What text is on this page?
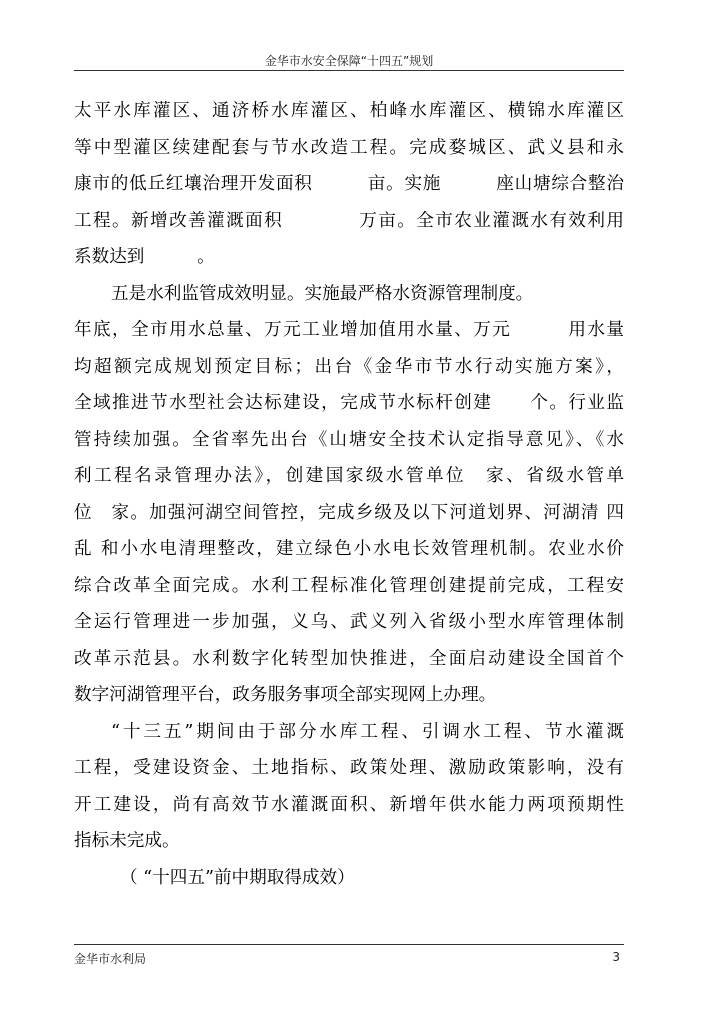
金华市水安全保障“十四五”规划
太平水库灌区、通济桥水库灌区、柏峰水库灌区、横锦水库灌区
等中型灌区续建配套与节水改造工程。完成婺城区、武义县和永
康市的低丘红壤治理开发面积　　　亩。实施　　　座山塘综合整治
工程。新增改善灌溉面积　　　　万亩。全市农业灌溉水有效利用
系数达到　　　。
五是水利监管成效明显。实施最严格水资源管理制度。
年底，全市用水总量、万元工业增加值用水量、万元　　　用水量
均超额完成规划预定目标；出台《金华市节水行动实施方案》，
全域推进节水型社会达标建设，完成节水标杆创建　　个。行业监
管持续加强。全省率先出台《山塘安全技术认定指导意见》、《水
利工程名录管理办法》，创建国家级水管单位　家、省级水管单
位　家。加强河湖空间管控，完成乡级及以下河道划界、河湖清 四
乱 和小水电清理整改，建立绿色小水电长效管理机制。农业水价
综合改革全面完成。水利工程标准化管理创建提前完成，工程安
全运行管理进一步加强，义乌、武义列入省级小型水库管理体制
改革示范县。水利数字化转型加快推进，全面启动建设全国首个
数字河湖管理平台，政务服务事项全部实现网上办理。
“十三五”期间由于部分水库工程、引调水工程、节水灌溉
工程，受建设资金、土地指标、政策处理、激励政策影响，没有
开工建设，尚有高效节水灌溉面积、新增年供水能力两项预期性
指标未完成。
（ “十四五”前中期取得成效）
金华市水利局	3
